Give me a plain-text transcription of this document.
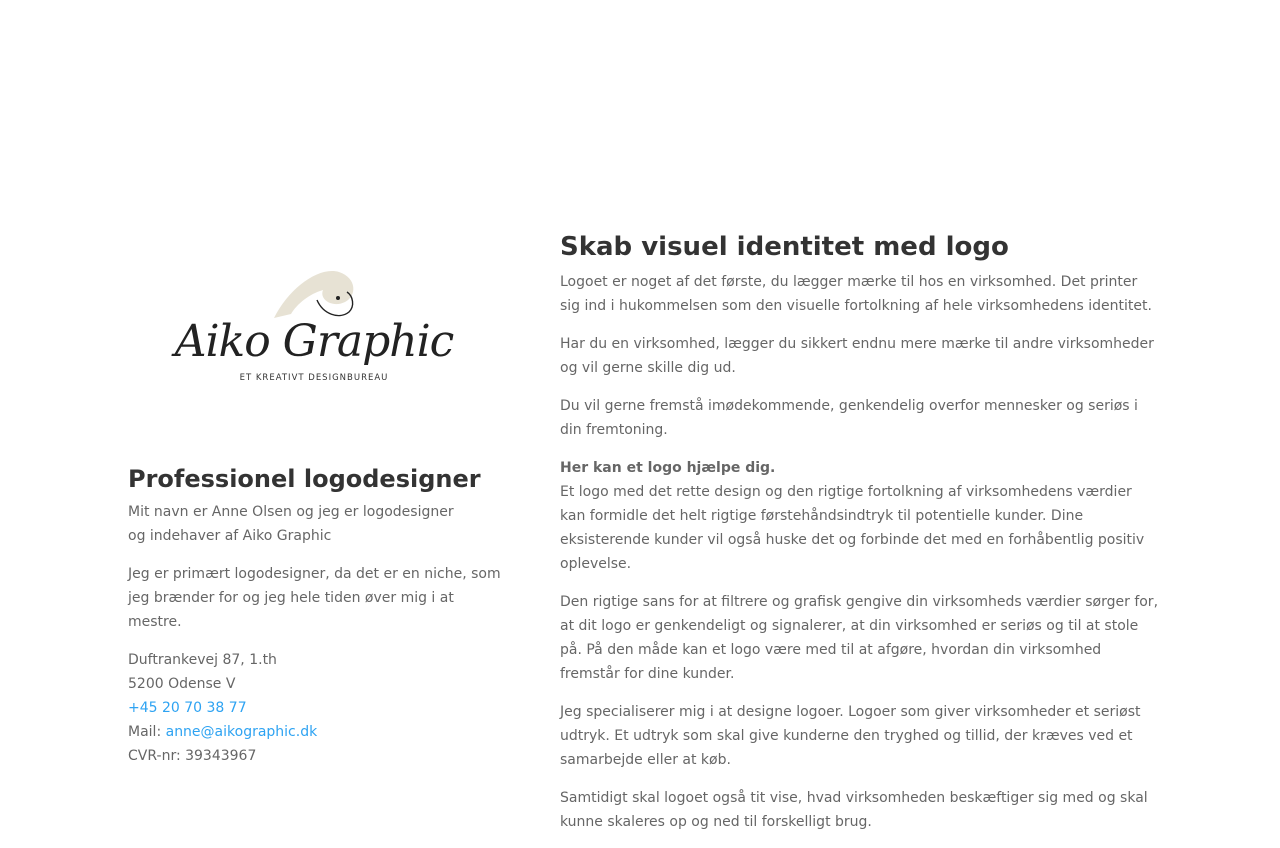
Aiko Graphic
ET KREATIVT DESIGNBUREAU
Professionel logodesigner

Mit navn er Anne Olsen og jeg er logodesigner
og indehaver af Aiko Graphic

Jeg er primært logodesigner, da det er en niche, som jeg brænder for og jeg hele tiden øver mig i at mestre.

Duftrankevej 87, 1.th

5200 Odense V

+45 20 70 38 77

Mail: anne@aikographic.dk

CVR-nr: 39343967

Skab visuel identitet med logo

Logoet er noget af det første, du lægger mærke til hos en virksomhed. Det printer sig ind i hukommelsen som den visuelle fortolkning af hele virksomhedens identitet.

Har du en virksomhed, lægger du sikkert endnu mere mærke til andre virksomheder og vil gerne skille dig ud.

Du vil gerne fremstå imødekommende, genkendelig overfor mennesker og seriøs i din fremtoning.

Her kan et logo hjælpe dig.
Et logo med det rette design og den rigtige fortolkning af virksomhedens værdier kan formidle det helt rigtige førstehåndsindtryk til potentielle kunder. Dine eksisterende kunder vil også huske det og forbinde det med en forhåbentlig positiv oplevelse.

Den rigtige sans for at filtrere og grafisk gengive din virksomheds værdier sørger for, at dit logo er genkendeligt og signalerer, at din virksomhed er seriøs og til at stole på. På den måde kan et logo være med til at afgøre, hvordan din virksomhed fremstår for dine kunder.

Jeg specialiserer mig i at designe logoer. Logoer som giver virksomheder et seriøst udtryk. Et udtryk som skal give kunderne den tryghed og tillid, der kræves ved et samarbejde eller at køb.

Samtidigt skal logoet også tit vise, hvad virksomheden beskæftiger sig med og skal kunne skaleres op og ned til forskelligt brug.
